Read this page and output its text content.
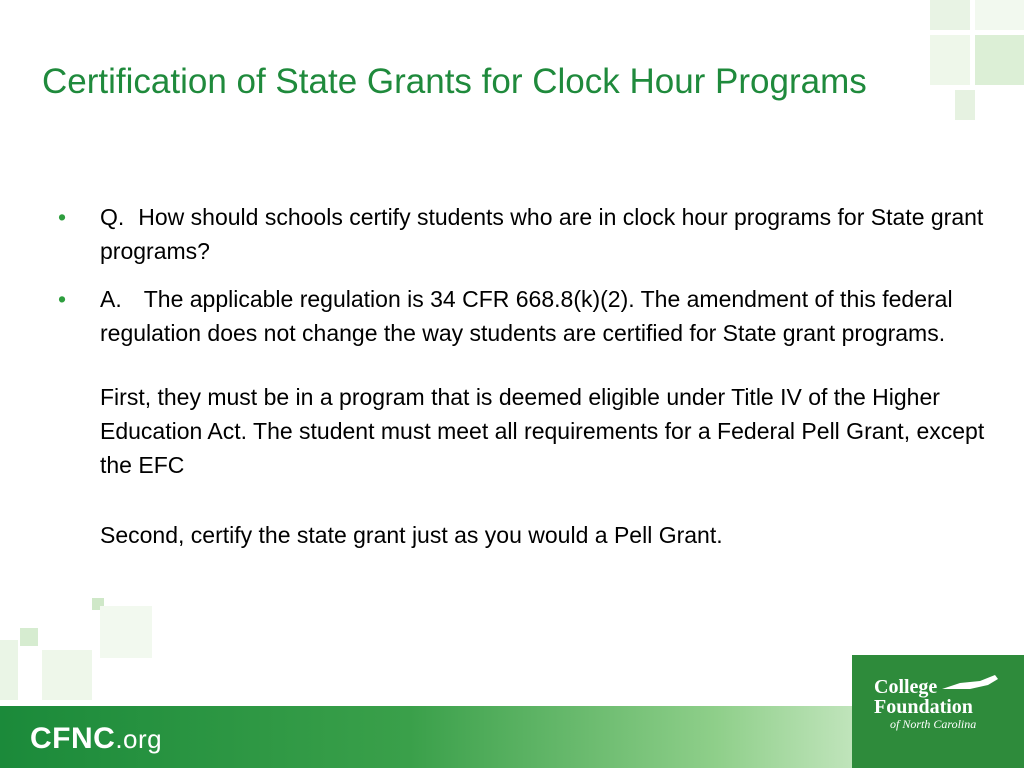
Certification of State Grants for Clock Hour Programs
• Q. How should schools certify students who are in clock hour programs for State grant programs?
• A. The applicable regulation is 34 CFR 668.8(k)(2). The amendment of this federal regulation does not change the way students are certified for State grant programs.
First, they must be in a program that is deemed eligible under Title IV of the Higher Education Act. The student must meet all requirements for a Federal Pell Grant, except the EFC
Second, certify the state grant just as you would a Pell Grant.
CFNC.org
College
Foundation
of North Carolina
